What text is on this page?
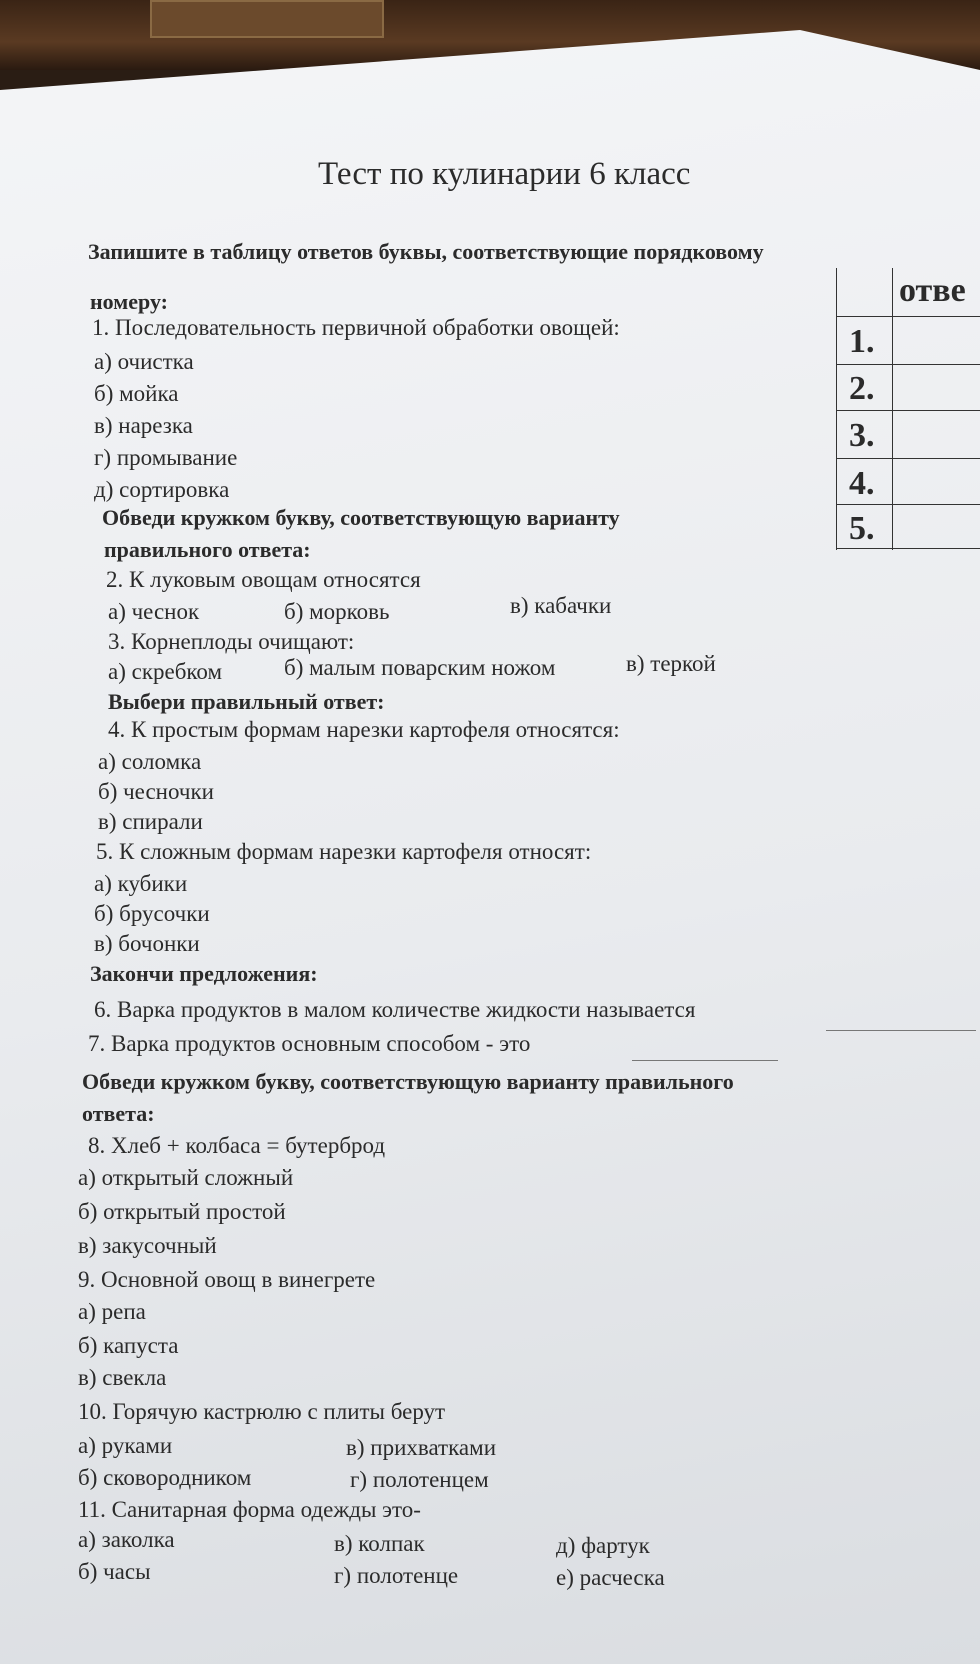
Тест по кулинарии 6 класс
Запишите в таблицу ответов буквы, соответствующие порядковому
номеру:
1. Последовательность первичной обработки овощей:
а) очистка
б) мойка
в) нарезка
г) промывание
д) сортировка
Обведи кружком букву, соответствующую варианту
правильного ответа:
2. К луковым овощам относятся
а) чеснок	б) морковь	в) кабачки
3. Корнеплоды очищают:
а) скребком	б) малым поварским ножом	в) теркой
Выбери правильный ответ:
4. К простым формам нарезки картофеля относятся:
а) соломка
б) чесночки
в) спирали
5. К сложным формам нарезки картофеля относят:
а) кубики
б) брусочки
в) бочонки
Закончи предложения:
6. Варка продуктов в малом количестве жидкости называется
7. Варка продуктов основным способом - это
Обведи кружком букву, соответствующую варианту правильного
ответа:
8. Хлеб + колбаса = бутерброд
а) открытый сложный
б) открытый простой
в) закусочный
9. Основной овощ в винегрете
а) репа
б) капуста
в) свекла
10. Горячую кастрюлю с плиты берут
а) руками	в) прихватками
б) сковородником	г) полотенцем
11. Санитарная форма одежды это-
а) заколка	в) колпак	д) фартук
б) часы	г) полотенце	е) расческа
отве
1.
2.
3.
4.
5.
